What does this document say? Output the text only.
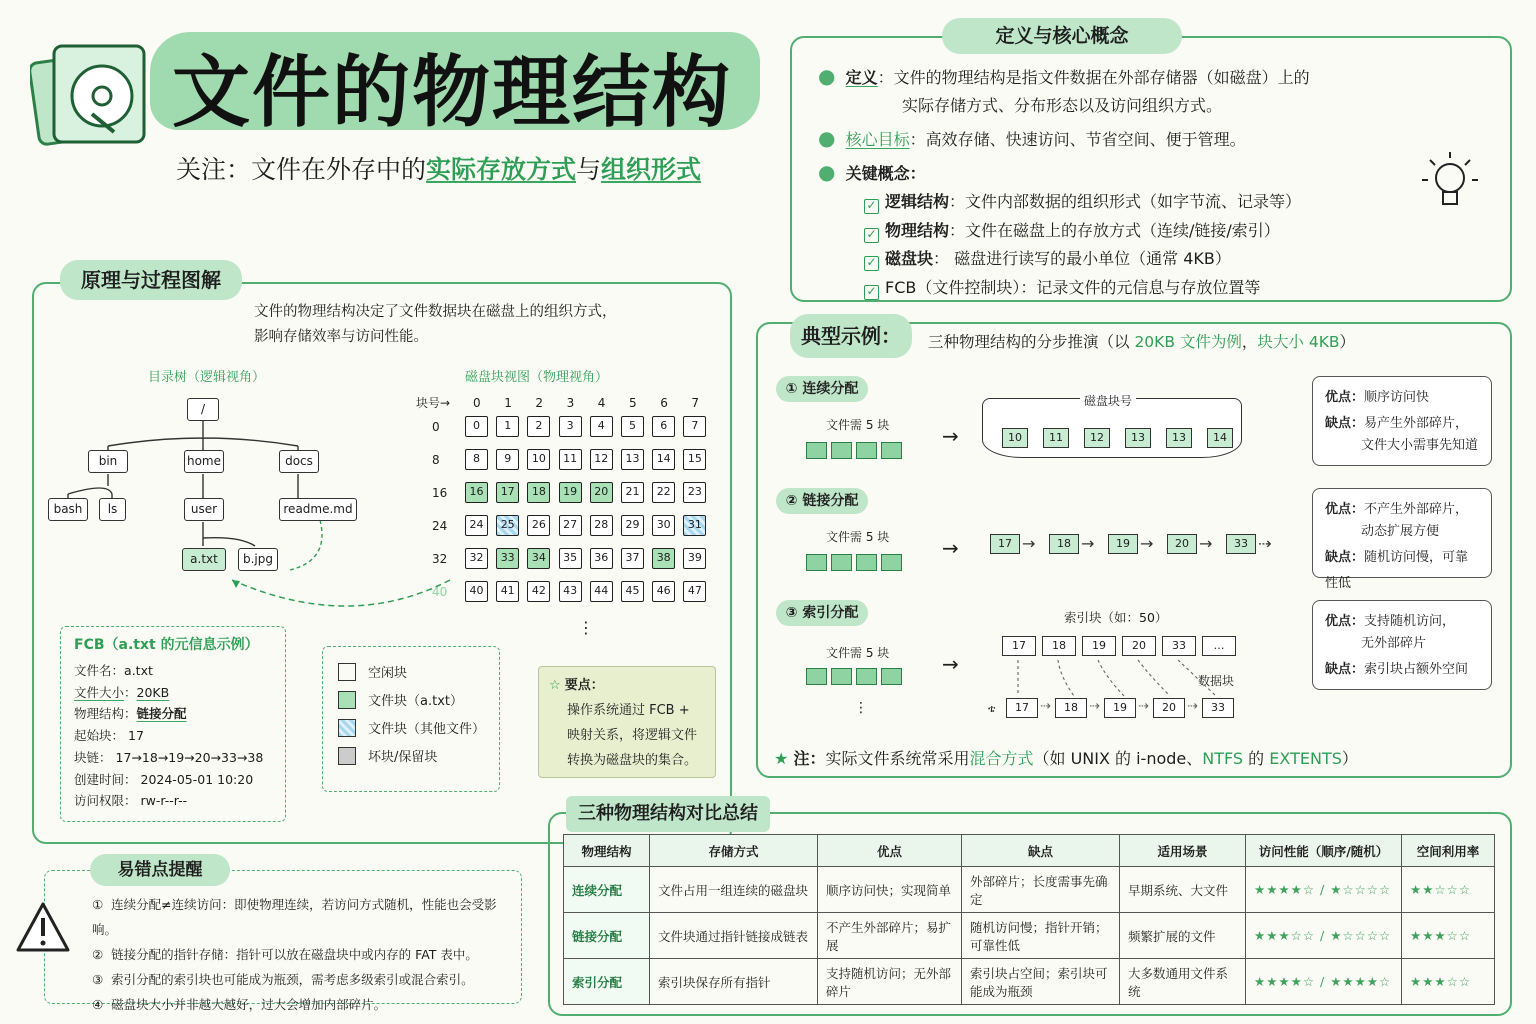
文件的物理结构
关注：文件在外存中的实际存放方式与组织形式
定义与核心概念
● 定义：文件的物理结构是指文件数据在外部存储器（如磁盘）上的
实际存储方式、分布形态以及访问组织方式。
● 核心目标：高效存储、快速访问、节省空间、便于管理。
● 关键概念：
✓ 逻辑结构：文件内部数据的组织形式（如字节流、记录等）
✓ 物理结构：文件在磁盘上的存放方式（连续/链接/索引）
✓ 磁盘块： 磁盘进行读写的最小单位（通常 4KB）
✓ FCB（文件控制块）：记录文件的元信息与存放位置等
原理与过程图解
文件的物理结构决定了文件数据块在磁盘上的组织方式，
影响存储效率与访问性能。
目录树（逻辑视角）	磁盘块视图（物理视角）
/
bin	home	docs
bash	ls	user	readme.md
a.txt	b.jpg
块号→ 0 1 2 3 4 5 6 7
0
8
16
24
32
40
0	1	2	3	4	5	6	7
8	9	10	11	12	13	14	15
16	17	18	19	20	21	22	23
24	25	26	27	28	29	30	31
32	33	34	35	36	37	38	39
40	41	42	43	44	45	46	47
⋮
FCB（a.txt 的元信息示例）
文件名：a.txt
文件大小：20KB
物理结构：链接分配
起始块： 17
块链： 17→18→19→20→33→38
创建时间： 2024-05-01 10:20
访问权限： rw-r--r--
空闲块
文件块（a.txt）
文件块（其他文件）
坏块/保留块
☆ 要点：
操作系统通过 FCB +
映射关系，将逻辑文件
转换为磁盘块的集合。
典型示例：	三种物理结构的分步推演（以 20KB 文件为例，块大小 4KB）
① 连续分配
文件需 5 块	→
磁盘块号
10	11	12	13	13	14
优点：顺序访问快
缺点：易产生外部碎片，
文件大小需事先知道
② 链接分配
文件需 5 块	→	17 →	18 →	19 →	20 →	33 ⇢
优点：不产生外部碎片，
动态扩展方便
缺点：随机访问慢，可靠性低
③ 索引分配
文件需 5 块
⋮
→
索引块（如：50）
17	18	19	20	33	…
数据块
ቴ	17 ⇢	18 ⇢	19 ⇢	20 ⇢	33
优点：支持随机访问，
无外部碎片
缺点：索引块占额外空间
★ 注：实际文件系统常采用混合方式（如 UNIX 的 i-node、NTFS 的 EXTENTS）
三种物理结构对比总结
物理结构	存储方式	优点	缺点	适用场景	访问性能（顺序/随机）	空间利用率
连续分配	文件占用一组连续的磁盘块	顺序访问快；实现简单	外部碎片；长度需事先确定	早期系统、大文件	★★★★☆ / ★☆☆☆☆	★★☆☆☆
链接分配	文件块通过指针链接成链表	不产生外部碎片；易扩展	随机访问慢；指针开销；可靠性低	频繁扩展的文件	★★★☆☆ / ★☆☆☆☆	★★★☆☆
索引分配	索引块保存所有指针	支持随机访问；无外部碎片	索引块占空间；索引块可能成为瓶颈	大多数通用文件系统	★★★★☆ / ★★★★☆	★★★☆☆
易错点提醒
① 连续分配≠连续访问：即使物理连续，若访问方式随机，性能也会受影响。
② 链接分配的指针存储：指针可以放在磁盘块中或内存的 FAT 表中。
③ 索引分配的索引块也可能成为瓶颈，需考虑多级索引或混合索引。
④ 磁盘块大小并非越大越好，过大会增加内部碎片。
